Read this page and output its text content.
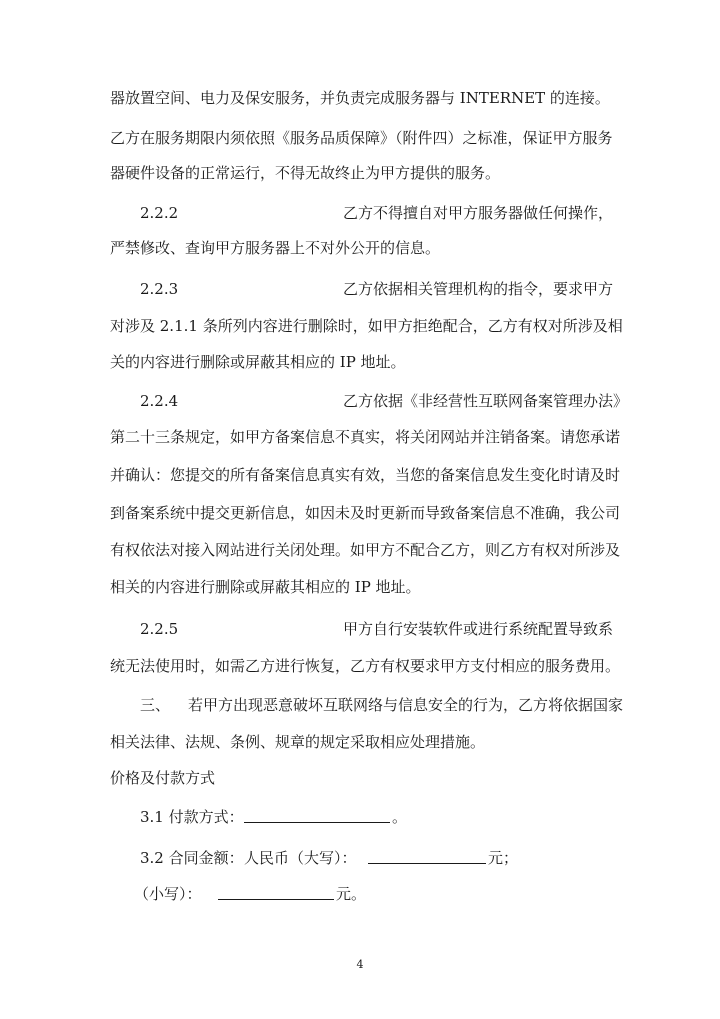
器放置空间、电力及保安服务，并负责完成服务器与 INTERNET 的连接。
乙方在服务期限内须依照《服务品质保障》（附件四）之标准，保证甲方服务
器硬件设备的正常运行，不得无故终止为甲方提供的服务。
2.2.2	乙方不得擅自对甲方服务器做任何操作，
严禁修改、查询甲方服务器上不对外公开的信息。
2.2.3	乙方依据相关管理机构的指令，要求甲方
对涉及 2.1.1 条所列内容进行删除时，如甲方拒绝配合，乙方有权对所涉及相
关的内容进行删除或屏蔽其相应的 IP 地址。
2.2.4	乙方依据《非经营性互联网备案管理办法》
第二十三条规定，如甲方备案信息不真实，将关闭网站并注销备案。请您承诺
并确认：您提交的所有备案信息真实有效，当您的备案信息发生变化时请及时
到备案系统中提交更新信息，如因未及时更新而导致备案信息不准确，我公司
有权依法对接入网站进行关闭处理。如甲方不配合乙方，则乙方有权对所涉及
相关的内容进行删除或屏蔽其相应的 IP 地址。
2.2.5	甲方自行安装软件或进行系统配置导致系
统无法使用时，如需乙方进行恢复，乙方有权要求甲方支付相应的服务费用。
三、 若甲方出现恶意破坏互联网络与信息安全的行为，乙方将依据国家
相关法律、法规、条例、规章的规定采取相应处理措施。
价格及付款方式
3.1 付款方式：	。
3.2 合同金额： 人民币（大写）：	元；
（小写）：	元。
4
